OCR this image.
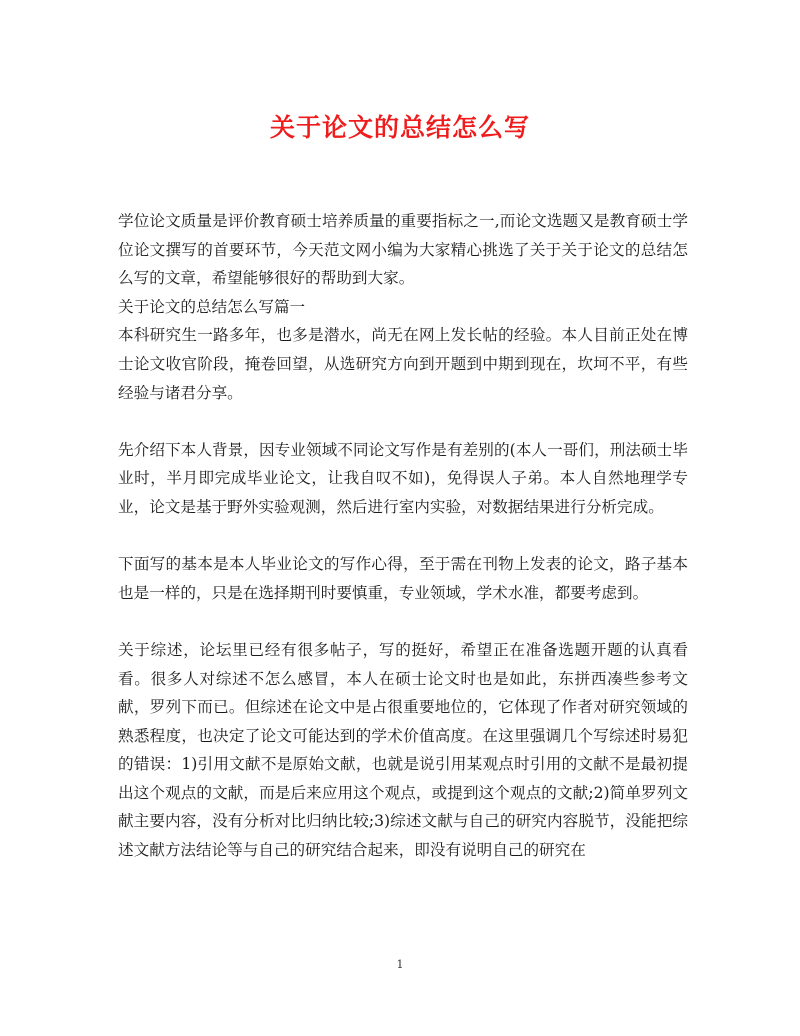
关于论文的总结怎么写

学位论文质量是评价教育硕士培养质量的重要指标之一,而论文选题又是教育硕士学位论文撰写的首要环节，今天范文网小编为大家精心挑选了关于关于论文的总结怎么写的文章，希望能够很好的帮助到大家。

关于论文的总结怎么写篇一

本科研究生一路多年，也多是潜水，尚无在网上发长帖的经验。本人目前正处在博士论文收官阶段，掩卷回望，从选研究方向到开题到中期到现在，坎坷不平，有些经验与诸君分享。

先介绍下本人背景，因专业领域不同论文写作是有差别的(本人一哥们，刑法硕士毕业时，半月即完成毕业论文，让我自叹不如)，免得误人子弟。本人自然地理学专业，论文是基于野外实验观测，然后进行室内实验，对数据结果进行分析完成。

下面写的基本是本人毕业论文的写作心得，至于需在刊物上发表的论文，路子基本也是一样的，只是在选择期刊时要慎重，专业领域，学术水准，都要考虑到。

关于综述，论坛里已经有很多帖子，写的挺好，希望正在准备选题开题的认真看看。很多人对综述不怎么感冒，本人在硕士论文时也是如此，东拼西凑些参考文献，罗列下而已。但综述在论文中是占很重要地位的，它体现了作者对研究领域的熟悉程度，也决定了论文可能达到的学术价值高度。在这里强调几个写综述时易犯的错误：1)引用文献不是原始文献，也就是说引用某观点时引用的文献不是最初提出这个观点的文献，而是后来应用这个观点，或提到这个观点的文献;2)简单罗列文献主要内容，没有分析对比归纳比较;3)综述文献与自己的研究内容脱节，没能把综述文献方法结论等与自己的研究结合起来，即没有说明自己的研究在

1
